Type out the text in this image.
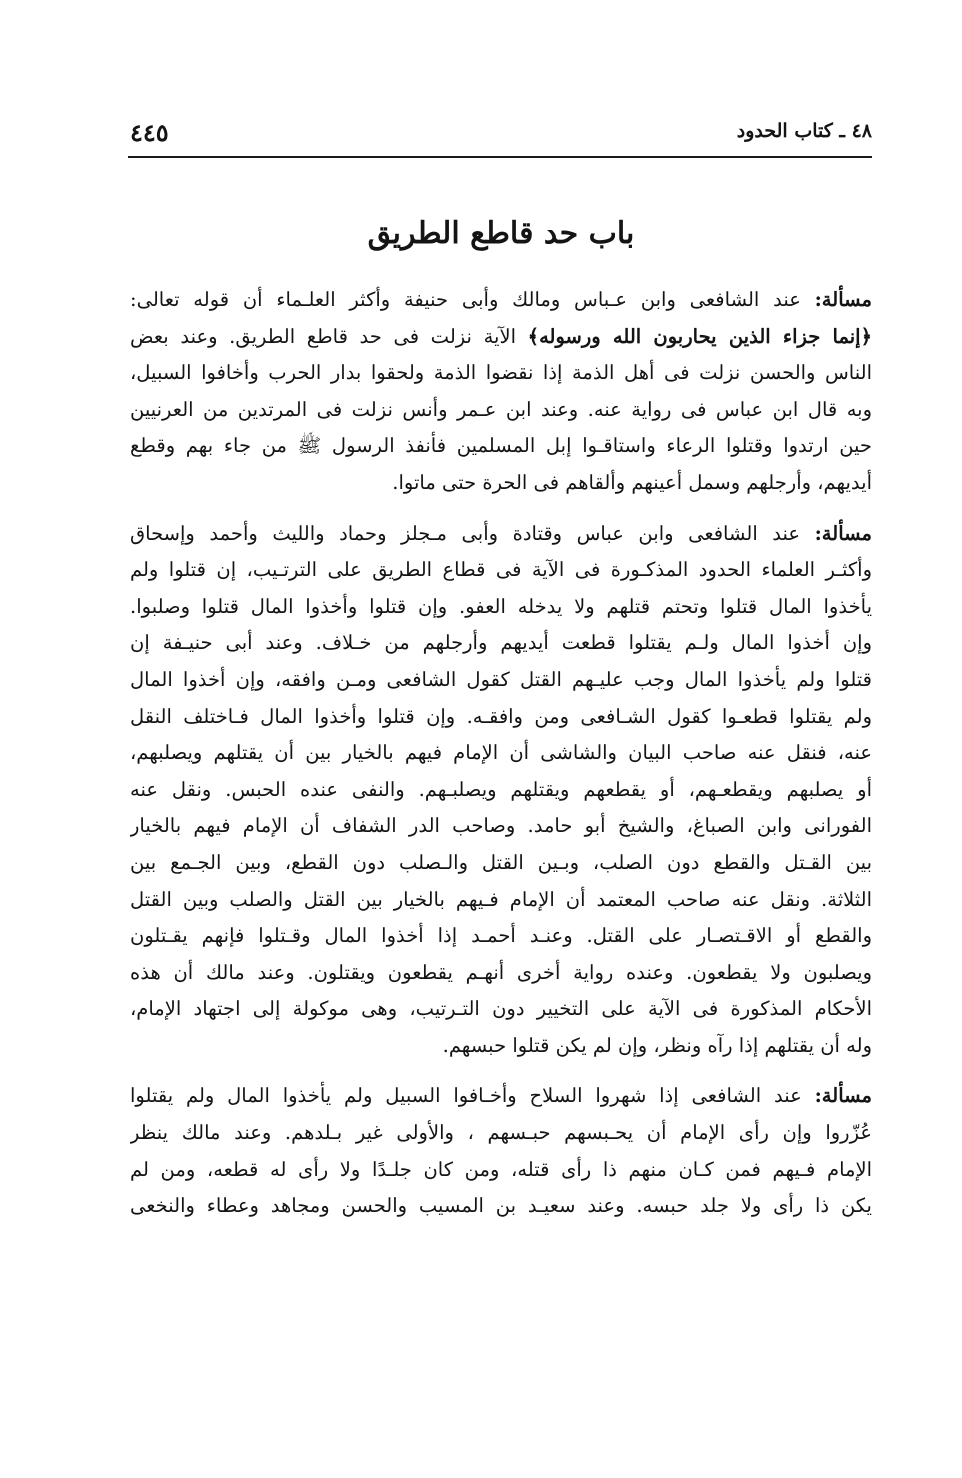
٤٨ ـ كتاب الحدود
٤٤٥
باب حد قاطع الطريق
مسألة: عند الشافعى وابن عـباس ومالك وأبى حنيفة وأكثر العلـماء أن قوله تعالى:
﴿إنما جزاء الذين يحاربون الله ورسوله﴾ الآية نزلت فى حد قاطع الطريق. وعند بعض
الناس والحسن نزلت فى أهل الذمة إذا نقضوا الذمة ولحقوا بدار الحرب وأخافوا السبيل،
وبه قال ابن عباس فى رواية عنه. وعند ابن عـمر وأنس نزلت فى المرتدين من العرنيين
حين ارتدوا وقتلوا الرعاء واستاقـوا إبل المسلمين فأنفذ الرسول ﷺ من جاء بهم وقطع
أيديهم، وأرجلهم وسمل أعينهم وألقاهم فى الحرة حتى ماتوا.
مسألة: عند الشافعى وابن عباس وقتادة وأبى مـجلز وحماد والليث وأحمد وإسحاق
وأكثـر العلماء الحدود المذكـورة فى الآية فى قطاع الطريق على الترتـيب، إن قتلوا ولم
يأخذوا المال قتلوا وتحتم قتلهم ولا يدخله العفو. وإن قتلوا وأخذوا المال قتلوا وصلبوا.
وإن أخذوا المال ولـم يقتلوا قطعت أيديهم وأرجلهم من خـلاف. وعند أبى حنيـفة إن
قتلوا ولم يأخذوا المال وجب عليـهم القتل كقول الشافعى ومـن وافقه، وإن أخذوا المال
ولم يقتلوا قطعـوا كقول الشـافعى ومن وافقـه. وإن قتلوا وأخذوا المال فـاختلف النقل
عنه، فنقل عنه صاحب البيان والشاشى أن الإمام فيهم بالخيار بين أن يقتلهم ويصلبهم،
أو يصلبهم ويقطعـهم، أو يقطعهم ويقتلهم ويصلبـهم. والنفى عنده الحبس. ونقل عنه
الفورانى وابن الصباغ، والشيخ أبو حامد. وصاحب الدر الشفاف أن الإمام فيهم بالخيار
بين القـتل والقطع دون الصلب، وبـين القتل والـصلب دون القطع، وبين الجـمع بين
الثلاثة. ونقل عنه صاحب المعتمد أن الإمام فـيهم بالخيار بين القتل والصلب وبين القتل
والقطع أو الاقـتصـار على القتل. وعنـد أحمـد إذا أخذوا المال وقـتلوا فإنهم يقـتلون
ويصلبون ولا يقطعون. وعنده رواية أخرى أنهـم يقطعون ويقتلون. وعند مالك أن هذه
الأحكام المذكورة فى الآية على التخيير دون التـرتيب، وهى موكولة إلى اجتهاد الإمام،
وله أن يقتلهم إذا رآه ونظر، وإن لم يكن قتلوا حبسهم.
مسألة: عند الشافعى إذا شهروا السلاح وأخـافوا السبيل ولم يأخذوا المال ولم يقتلوا
عُزّروا وإن رأى الإمام أن يحـبسهم حبـسهم ، والأولى غير بـلدهم. وعند مالك ينظر
الإمام فـيهم فمن كـان منهم ذا رأى قتله، ومن كان جلـدًا ولا رأى له قطعه، ومن لم
يكن ذا رأى ولا جلد حبسه. وعند سعيـد بن المسيب والحسن ومجاهد وعطاء والنخعى
